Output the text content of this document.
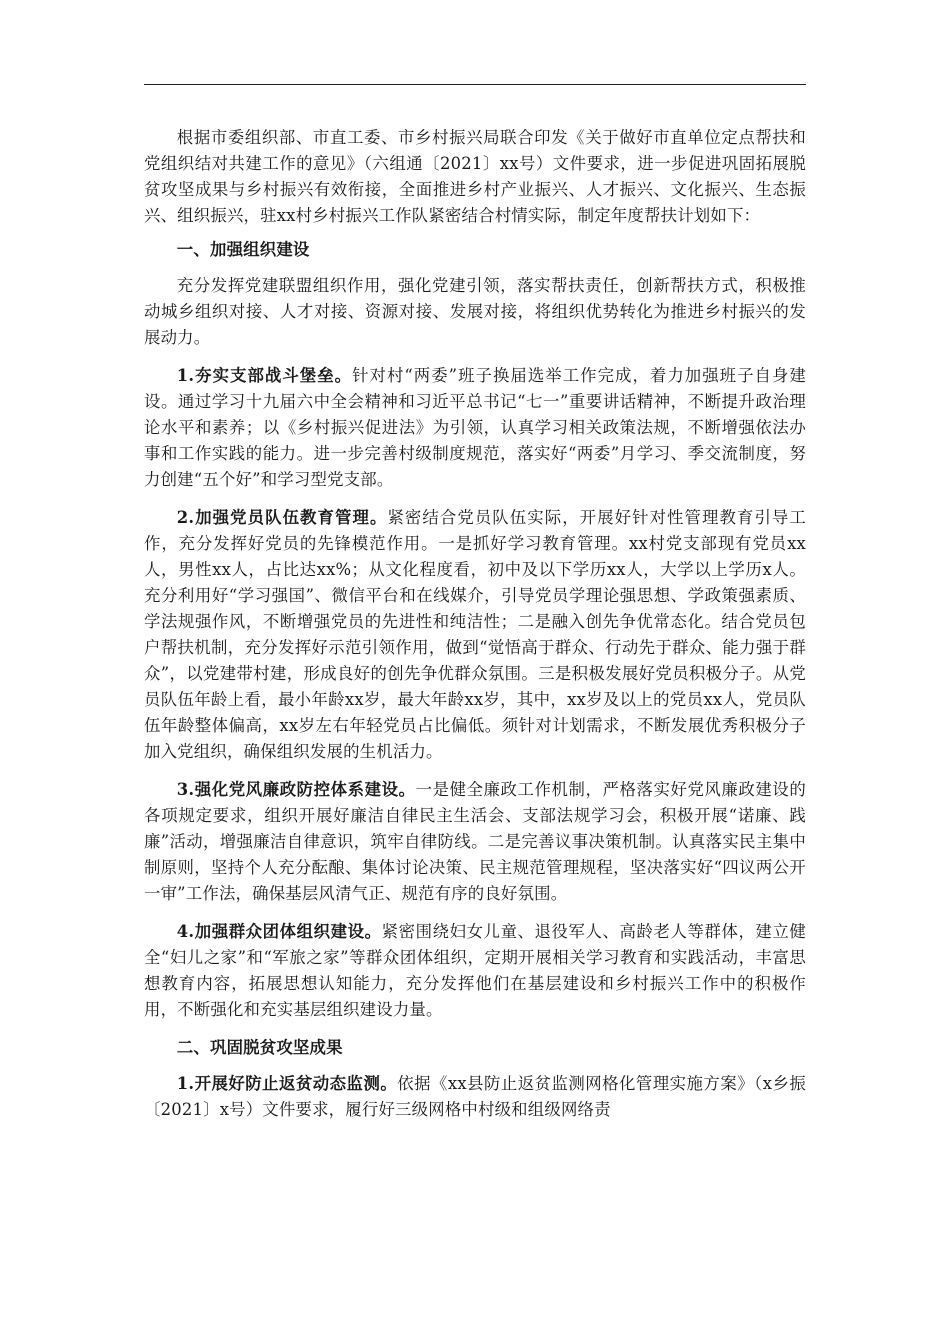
根据市委组织部、市直工委、市乡村振兴局联合印发《关于做好市直单位定点帮扶和党组织结对共建工作的意见》（六组通〔2021〕xx号）文件要求，进一步促进巩固拓展脱贫攻坚成果与乡村振兴有效衔接，全面推进乡村产业振兴、人才振兴、文化振兴、生态振兴、组织振兴，驻xx村乡村振兴工作队紧密结合村情实际，制定年度帮扶计划如下：

一、加强组织建设

充分发挥党建联盟组织作用，强化党建引领，落实帮扶责任，创新帮扶方式，积极推动城乡组织对接、人才对接、资源对接、发展对接，将组织优势转化为推进乡村振兴的发展动力。

1.夯实支部战斗堡垒。针对村“两委”班子换届选举工作完成，着力加强班子自身建设。通过学习十九届六中全会精神和习近平总书记“七一”重要讲话精神，不断提升政治理论水平和素养；以《乡村振兴促进法》为引领，认真学习相关政策法规，不断增强依法办事和工作实践的能力。进一步完善村级制度规范，落实好“两委”月学习、季交流制度，努力创建“五个好”和学习型党支部。

2.加强党员队伍教育管理。紧密结合党员队伍实际，开展好针对性管理教育引导工作，充分发挥好党员的先锋模范作用。一是抓好学习教育管理。xx村党支部现有党员xx人，男性xx人，占比达xx%；从文化程度看，初中及以下学历xx人，大学以上学历x人。充分利用好“学习强国”、微信平台和在线媒介，引导党员学理论强思想、学政策强素质、学法规强作风，不断增强党员的先进性和纯洁性；二是融入创先争优常态化。结合党员包户帮扶机制，充分发挥好示范引领作用，做到“觉悟高于群众、行动先于群众、能力强于群众”，以党建带村建，形成良好的创先争优群众氛围。三是积极发展好党员积极分子。从党员队伍年龄上看，最小年龄xx岁，最大年龄xx岁，其中，xx岁及以上的党员xx人，党员队伍年龄整体偏高，xx岁左右年轻党员占比偏低。须针对计划需求，不断发展优秀积极分子加入党组织，确保组织发展的生机活力。

3.强化党风廉政防控体系建设。一是健全廉政工作机制，严格落实好党风廉政建设的各项规定要求，组织开展好廉洁自律民主生活会、支部法规学习会，积极开展“诺廉、践廉”活动，增强廉洁自律意识，筑牢自律防线。二是完善议事决策机制。认真落实民主集中制原则，坚持个人充分酝酿、集体讨论决策、民主规范管理规程，坚决落实好“四议两公开一审”工作法，确保基层风清气正、规范有序的良好氛围。

4.加强群众团体组织建设。紧密围绕妇女儿童、退役军人、高龄老人等群体，建立健全“妇儿之家”和“军旅之家”等群众团体组织，定期开展相关学习教育和实践活动，丰富思想教育内容，拓展思想认知能力，充分发挥他们在基层建设和乡村振兴工作中的积极作用，不断强化和充实基层组织建设力量。

二、巩固脱贫攻坚成果

1.开展好防止返贫动态监测。依据《xx县防止返贫监测网格化管理实施方案》（x乡振〔2021〕x号）文件要求，履行好三级网格中村级和组级网络责
